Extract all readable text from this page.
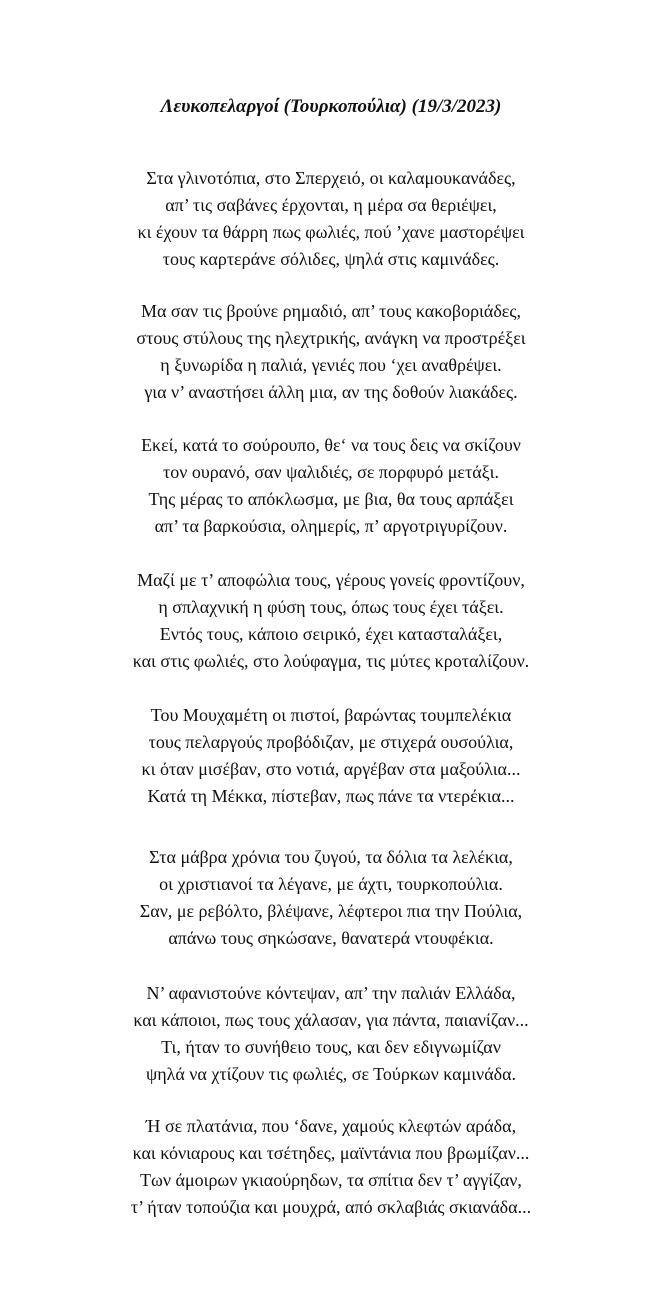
Λευκοπελαργοί (Τουρκοπούλια) (19/3/2023)
Στα γλινοτόπια, στο Σπερχειό, οι καλαμουκανάδες,
απ’ τις σαβάνες έρχονται, η μέρα σα θεριέψει,
κι έχουν τα θάρρη πως φωλιές, πού ’χανε μαστορέψει
τους καρτεράνε σόλιδες, ψηλά στις καμινάδες.
Μα σαν τις βρούνε ρημαδιό, απ’ τους κακοβοριάδες,
στους στύλους της ηλεχτρικής, ανάγκη να προστρέξει
η ξυνωρίδα η παλιά, γενιές που ‘χει αναθρέψει.
για ν’ αναστήσει άλλη μια, αν της δοθούν λιακάδες.
Εκεί, κατά το σούρουπο, θε‘ να τους δεις να σκίζουν
τον ουρανό, σαν ψαλιδιές, σε πορφυρό μετάξι.
Της μέρας το απόκλωσμα, με βια, θα τους αρπάξει
απ’ τα βαρκούσια, ολημερίς, π’ αργοτριγυρίζουν.
Μαζί με τ’ αποφώλια τους, γέρους γονείς φροντίζουν,
η σπλαχνική η φύση τους, όπως τους έχει τάξει.
Εντός τους, κάποιο σειρικό, έχει κατασταλάξει,
και στις φωλιές, στο λούφαγμα, τις μύτες κροταλίζουν.
Του Μουχαμέτη οι πιστοί, βαρώντας τουμπελέκια
τους πελαργούς προβόδιζαν, με στιχερά ουσούλια,
κι όταν μισέβαν, στο νοτιά, αργέβαν στα μαξούλια...
Κατά τη Μέκκα, πίστεβαν, πως πάνε τα ντερέκια...
Στα μάβρα χρόνια του ζυγού, τα δόλια τα λελέκια,
οι χριστιανοί τα λέγανε, με άχτι, τουρκοπούλια.
Σαν, με ρεβόλτο, βλέψανε, λέφτεροι πια την Πούλια,
απάνω τους σηκώσανε, θανατερά ντουφέκια.
Ν’ αφανιστούνε κόντεψαν, απ’ την παλιάν Ελλάδα,
και κάποιοι, πως τους χάλασαν, για πάντα, παιανίζαν...
Τι, ήταν το συνήθειο τους, και δεν εδιγνωμίζαν
ψηλά να χτίζουν τις φωλιές, σε Τούρκων καμινάδα.
Ή σε πλατάνια, που ‘δανε, χαμούς κλεφτών αράδα,
και κόνιαρους και τσέτηδες, μαϊντάνια που βρωμίζαν...
Των άμοιρων γκιαούρηδων, τα σπίτια δεν τ’ αγγίζαν,
τ’ ήταν τοπούζια και μουχρά, από σκλαβιάς σκιανάδα...
